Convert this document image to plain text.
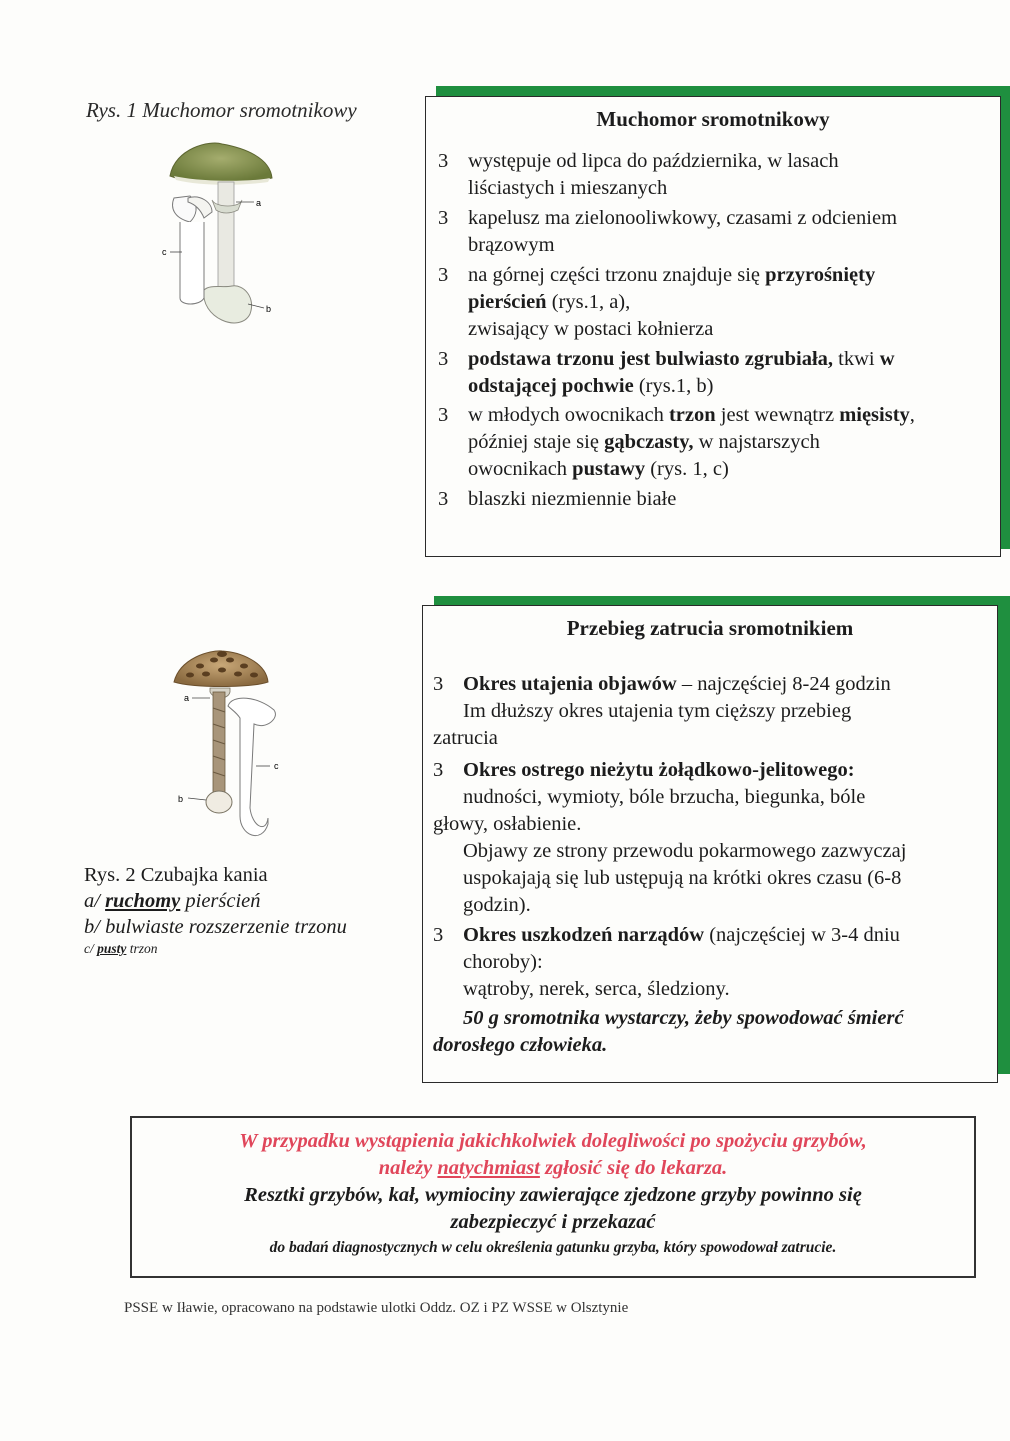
Rys. 1 Muchomor sromotnikowy
a
b
c
Muchomor sromotnikowy
3 występuje od lipca do października, w lasach
liściastych i mieszanych
3 kapelusz ma zielonooliwkowy, czasami z odcieniem
brązowym
3 na górnej części trzonu znajduje się przyrośnięty
pierścień (rys.1, a),
zwisający w postaci kołnierza
3 podstawa trzonu jest bulwiasto zgrubiała, tkwi w
odstającej pochwie (rys.1, b)
3 w młodych owocnikach trzon jest wewnątrz mięsisty,
później staje się gąbczasty, w najstarszych
owocnikach pustawy (rys. 1, c)
3 blaszki niezmiennie białe
a
c
b
Rys. 2 Czubajka kania
a/ ruchomy pierścień
b/ bulwiaste rozszerzenie trzonu
c/ pusty trzon
Przebieg zatrucia sromotnikiem
3 Okres utajenia objawów – najczęściej 8-24 godzin
Im dłuższy okres utajenia tym cięższy przebieg
zatrucia
3 Okres ostrego nieżytu żołądkowo-jelitowego:
nudności, wymioty, bóle brzucha, biegunka, bóle
głowy, osłabienie.
Objawy ze strony przewodu pokarmowego zazwyczaj
uspokajają się lub ustępują na krótki okres czasu (6-8
godzin).
3 Okres uszkodzeń narządów (najczęściej w 3-4 dniu
choroby):
wątroby, nerek, serca, śledziony.
50 g sromotnika wystarczy, żeby spowodować śmierć
dorosłego człowieka.
W przypadku wystąpienia jakichkolwiek dolegliwości po spożyciu grzybów,
należy natychmiast zgłosić się do lekarza.
Resztki grzybów, kał, wymiociny zawierające zjedzone grzyby powinno się
zabezpieczyć i przekazać
do badań diagnostycznych w celu określenia gatunku grzyba, który spowodował zatrucie.
PSSE w Iławie, opracowano na podstawie ulotki Oddz. OZ i PZ WSSE w Olsztynie
